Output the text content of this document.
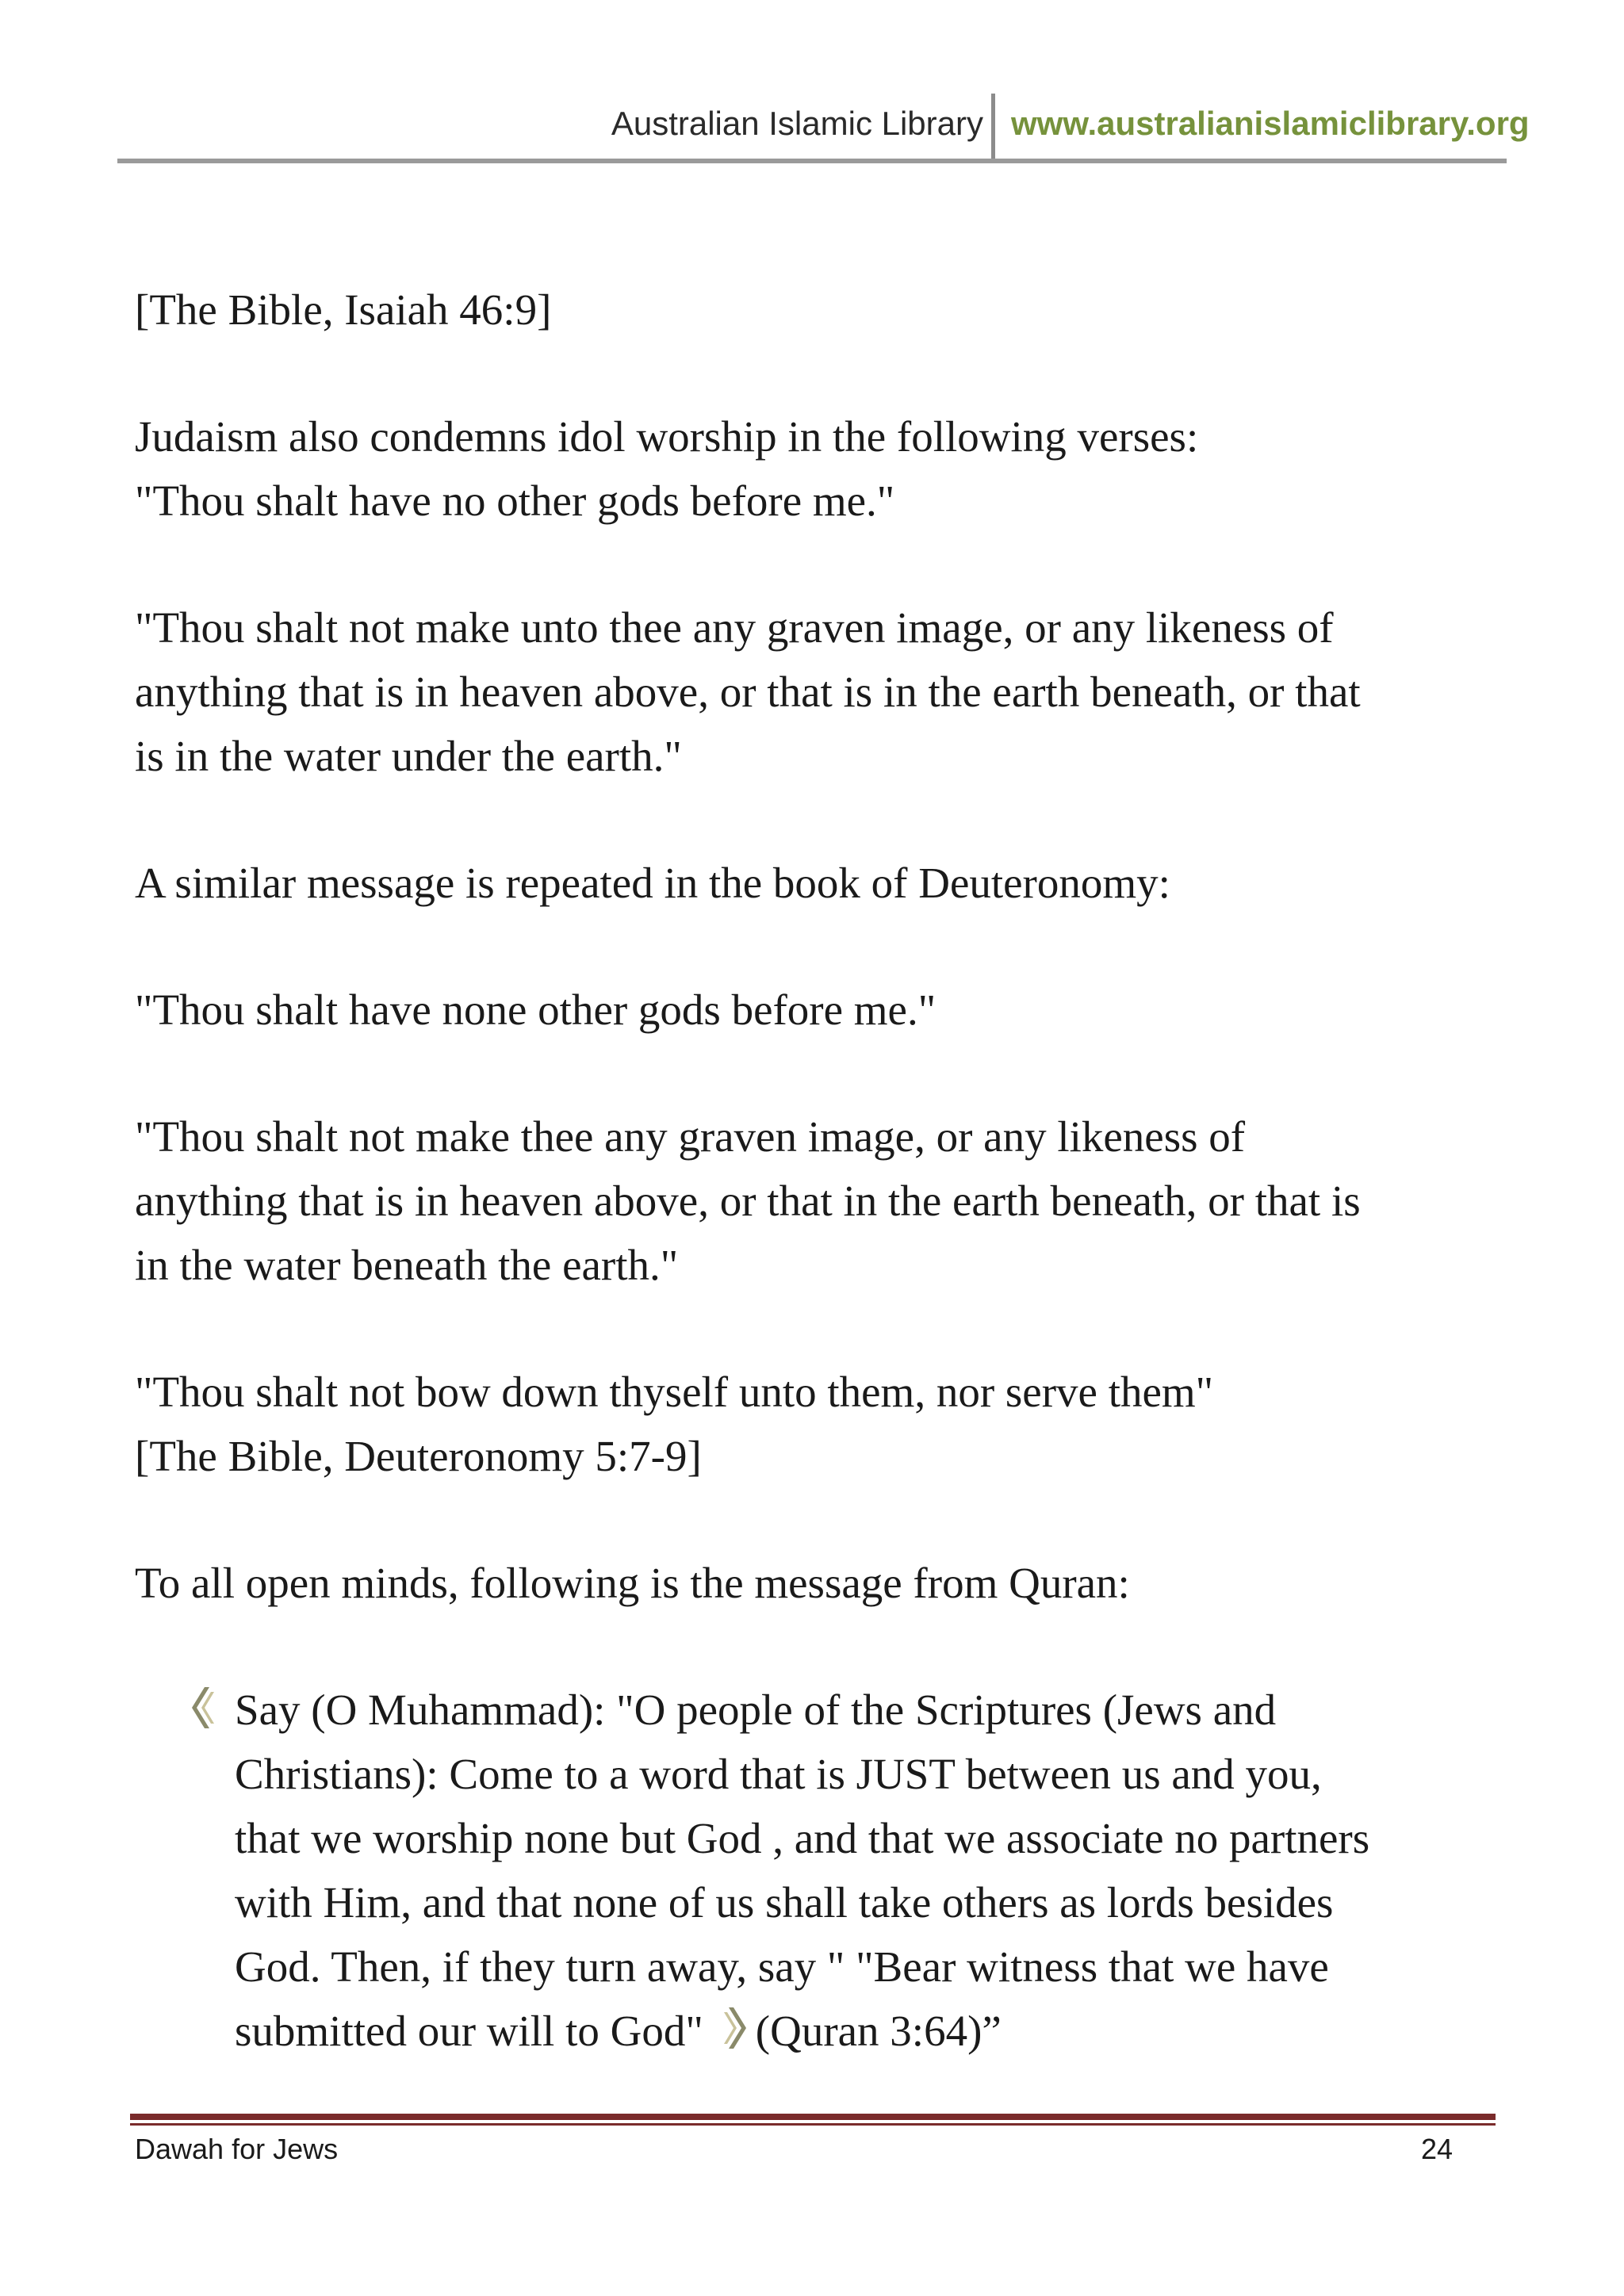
Australian Islamic Library www.australianislamiclibrary.org

[The Bible, Isaiah 46:9]

Judaism also condemns idol worship in the following verses:

"Thou shalt have no other gods before me."

"Thou shalt not make unto thee any graven image, or any likeness of

anything that is in heaven above, or that is in the earth beneath, or that

is in the water under the earth."

A similar message is repeated in the book of Deuteronomy:

"Thou shalt have none other gods before me."

"Thou shalt not make thee any graven image, or any likeness of

anything that is in heaven above, or that in the earth beneath, or that is

in the water beneath the earth."

"Thou shalt not bow down thyself unto them, nor serve them"

[The Bible, Deuteronomy 5:7-9]

To all open minds, following is the message from Quran:

Say (O Muhammad): "O people of the Scriptures (Jews and

Christians): Come to a word that is JUST between us and you,

that we worship none but God , and that we associate no partners

with Him, and that none of us shall take others as lords besides

God. Then, if they turn away, say " "Bear witness that we have

submitted our will to God" (Quran 3:64)”

Dawah for Jews	24
